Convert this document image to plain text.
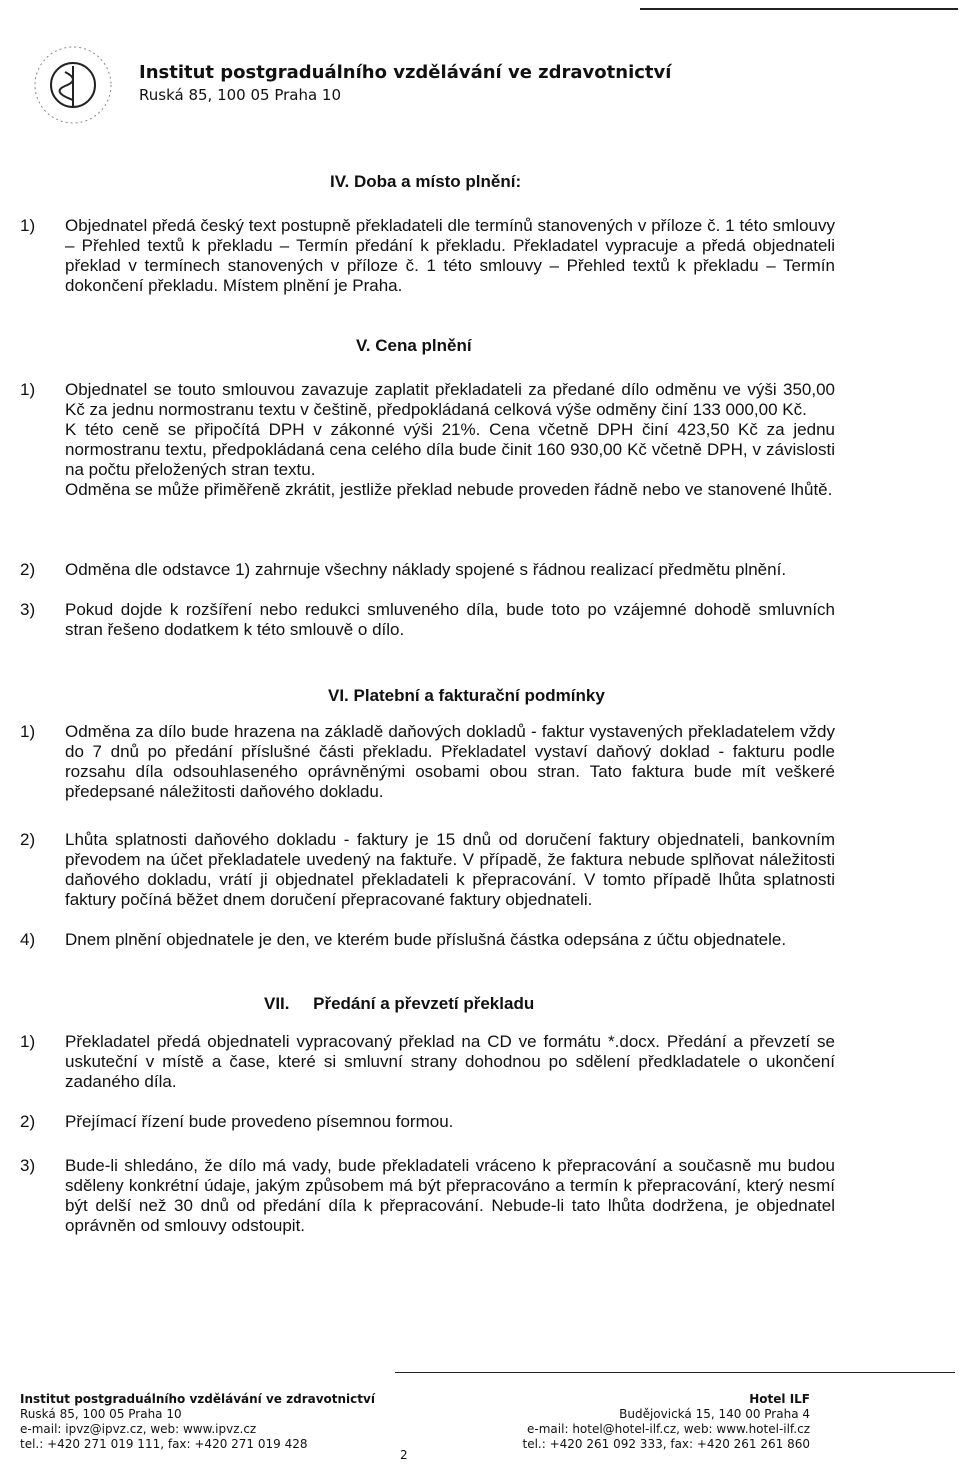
Institut postgraduálního vzdělávání ve zdravotnictví
Ruská 85, 100 05 Praha 10
IV. Doba a místo plnění:
1)	Objednatel předá český text postupně překladateli dle termínů stanovených v příloze č. 1 této smlouvy – Přehled textů k překladu – Termín předání k překladu. Překladatel vypracuje a předá objednateli překlad v termínech stanovených v příloze č. 1 této smlouvy – Přehled textů k překladu – Termín dokončení překladu. Místem plnění je Praha.

V. Cena plnění
1)	Objednatel se touto smlouvou zavazuje zaplatit překladateli za předané dílo odměnu ve výši 350,00 Kč za jednu normostranu textu v češtině, předpokládaná celková výše odměny činí 133 000,00 Kč.

K této ceně se připočítá DPH v zákonné výši 21%. Cena včetně DPH činí 423,50 Kč za jednu normostranu textu, předpokládaná cena celého díla bude činit 160 930,00 Kč včetně DPH, v závislosti na počtu přeložených stran textu.

Odměna se může přiměřeně zkrátit, jestliže překlad nebude proveden řádně nebo ve stanovené lhůtě.

2)	Odměna dle odstavce 1) zahrnuje všechny náklady spojené s řádnou realizací předmětu plnění.

3)	Pokud dojde k rozšíření nebo redukci smluveného díla, bude toto po vzájemné dohodě smluvních stran řešeno dodatkem k této smlouvě o dílo.

VI. Platební a fakturační podmínky
1)	Odměna za dílo bude hrazena na základě daňových dokladů - faktur vystavených překladatelem vždy do 7 dnů po předání příslušné části překladu. Překladatel vystaví daňový doklad - fakturu podle rozsahu díla odsouhlaseného oprávněnými osobami obou stran. Tato faktura bude mít veškeré předepsané náležitosti daňového dokladu.

2)	Lhůta splatnosti daňového dokladu - faktury je 15 dnů od doručení faktury objednateli, bankovním převodem na účet překladatele uvedený na faktuře. V případě, že faktura nebude splňovat náležitosti daňového dokladu, vrátí ji objednatel překladateli k přepracování. V tomto případě lhůta splatnosti faktury počíná běžet dnem doručení přepracované faktury objednateli.

4)	Dnem plnění objednatele je den, ve kterém bude příslušná částka odepsána z účtu objednatele.

VII.     Předání a převzetí překladu
1)	Překladatel předá objednateli vypracovaný překlad na CD ve formátu *.docx. Předání a převzetí se uskuteční v místě a čase, které si smluvní strany dohodnou po sdělení předkladatele o ukončení zadaného díla.

2)	Přejímací řízení bude provedeno písemnou formou.

3)	Bude-li shledáno, že dílo má vady, bude překladateli vráceno k přepracování a současně mu budou sděleny konkrétní údaje, jakým způsobem má být přepracováno a termín k přepracování, který nesmí být delší než 30 dnů od předání díla k přepracování. Nebude-li tato lhůta dodržena, je objednatel oprávněn od smlouvy odstoupit.

Institut postgraduálního vzdělávání ve zdravotnictví
Ruská 85, 100 05 Praha 10
e-mail: ipvz@ipvz.cz, web: www.ipvz.cz
tel.: +420 271 019 111, fax: +420 271 019 428
Hotel ILF
Budějovická 15, 140 00 Praha 4
e-mail: hotel@hotel-ilf.cz, web: www.hotel-ilf.cz
tel.: +420 261 092 333, fax: +420 261 261 860
2
